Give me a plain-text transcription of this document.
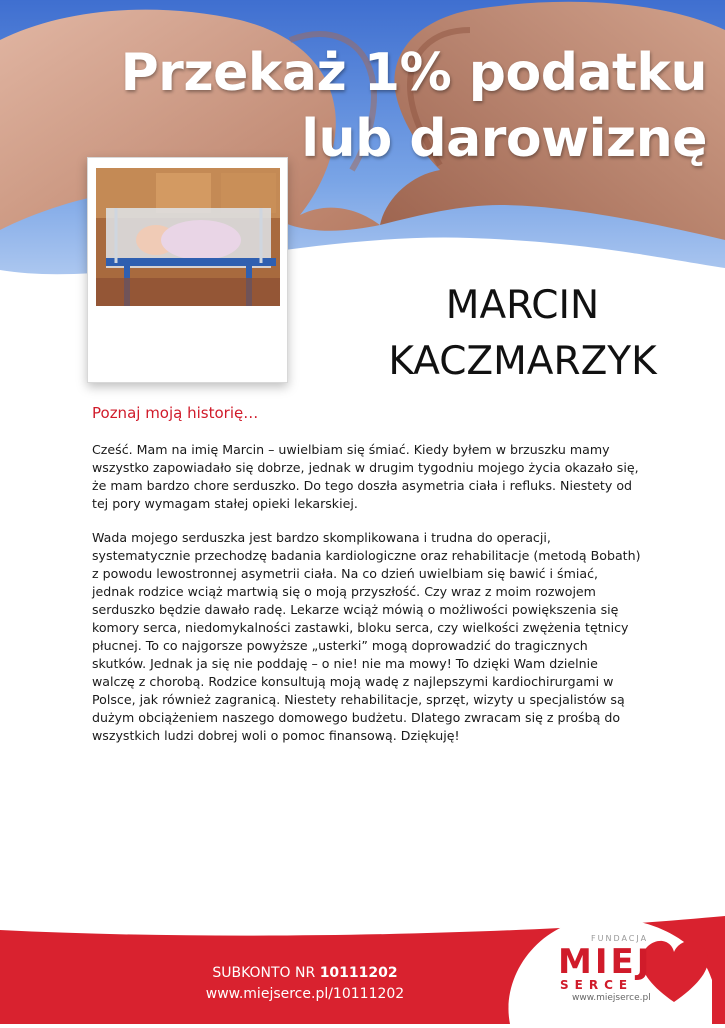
Przekaż 1% podatku
lub darowiznę
MARCIN
KACZMARZYK
Poznaj moją historię…

Cześć. Mam na imię Marcin – uwielbiam się śmiać. Kiedy byłem w brzuszku mamy wszystko zapowiadało się dobrze, jednak w drugim tygodniu mojego życia okazało się, że mam bardzo chore serduszko. Do tego doszła asymetria ciała i refluks. Niestety od tej pory wymagam stałej opieki lekarskiej.

Wada mojego serduszka jest bardzo skomplikowana i trudna do operacji, systematycznie przechodzę badania kardiologiczne oraz rehabilitacje (metodą Bobath) z powodu lewostronnej asymetrii ciała. Na co dzień uwielbiam się bawić i śmiać, jednak rodzice wciąż martwią się o moją przyszłość. Czy wraz z moim rozwojem serduszko będzie dawało radę. Lekarze wciąż mówią o możliwości powiększenia się komory serca, niedomykalności zastawki, bloku serca, czy wielkości zwężenia tętnicy płucnej. To co najgorsze powyższe „usterki” mogą doprowadzić do tragicznych skutków. Jednak ja się nie poddaję – o nie! nie ma mowy! To dzięki Wam dzielnie walczę z chorobą. Rodzice konsultują moją wadę z najlepszymi kardiochirurgami w Polsce, jak również zagranicą. Niestety rehabilitacje, sprzęt, wizyty u specjalistów są dużym obciążeniem naszego domowego budżetu. Dlatego zwracam się z prośbą do wszystkich ludzi dobrej woli o pomoc finansową. Dziękuję!

SUBKONTO NR 10111202
www.miejserce.pl/10111202
FUNDACJA
MIEJ
SERCE
www.miejserce.pl
